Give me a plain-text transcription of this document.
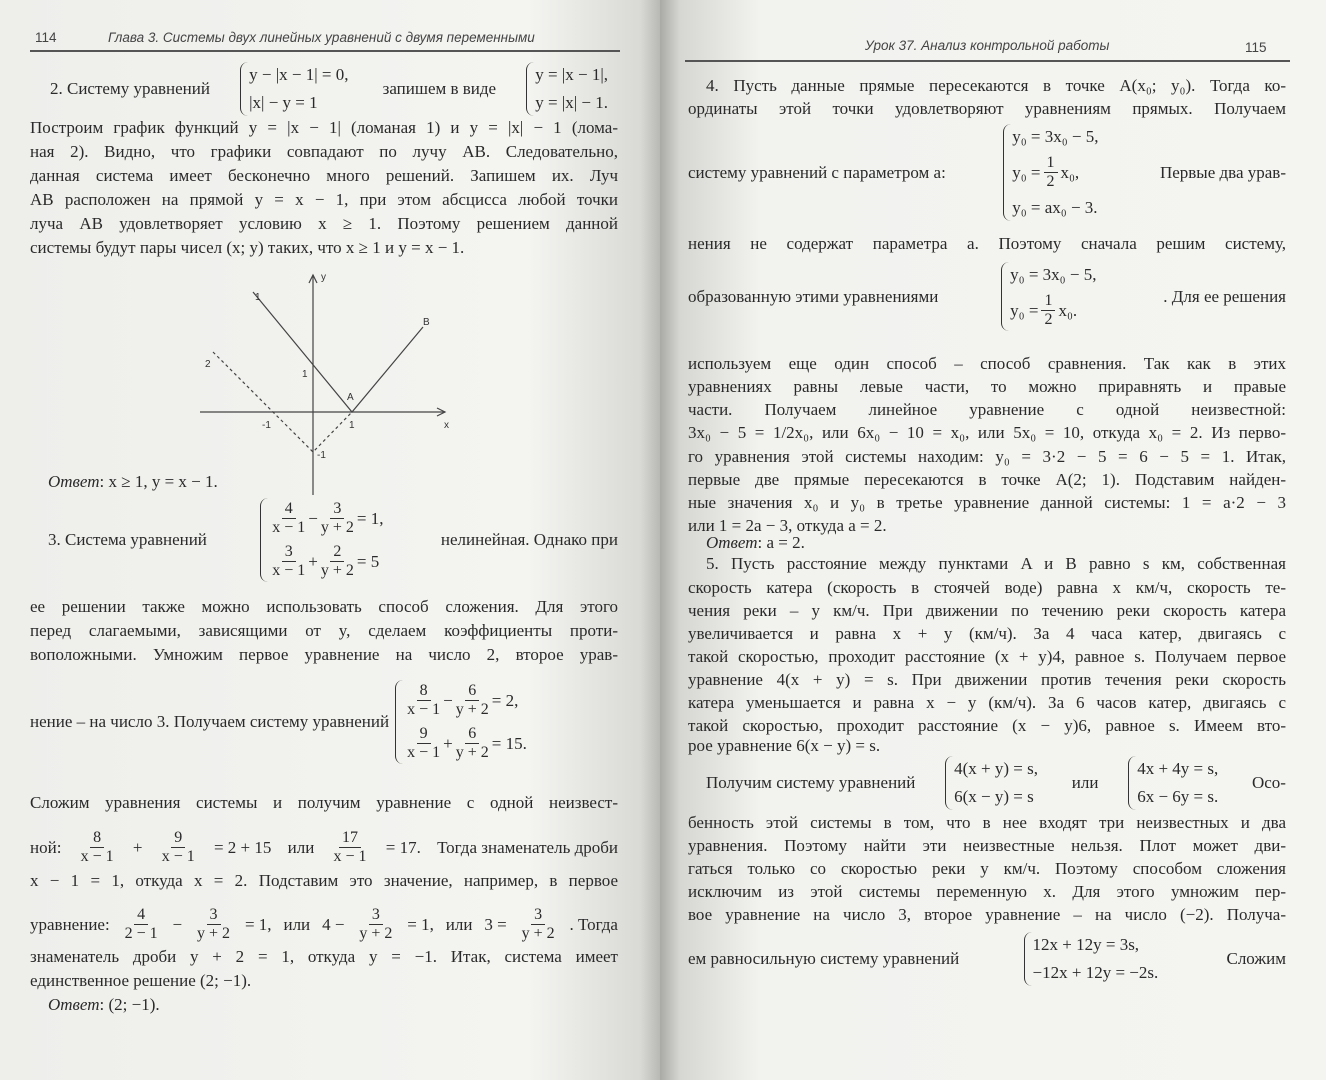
114	Глава 3. Системы двух линейных уравнений с двумя переменными
2. Систему уравнений
y − |x − 1| = 0,
|x| − y = 1
запишем в виде
y = |x − 1|,
y = |x| − 1.
Построим график функций y = |x − 1| (ломаная 1) и y = |x| − 1 (лома-
ная 2). Видно, что графики совпадают по лучу AB. Следовательно,
данная система имеет бесконечно много решений. Запишем их. Луч
AB расположен на прямой y = x − 1, при этом абсцисса любой точки
луча AB удовлетворяет условию x ≥ 1. Поэтому решением данной
системы будут пары чисел (x; y) таких, что x ≥ 1 и y = x − 1.
Ответ : x ≥ 1, y = x − 1.
3. Система уравнений
$\frac{4}{x - 1} - \frac{3}{y + 2} = 1$,
$\frac{3}{x - 1} + \frac{2}{y + 2} = 5$
нелинейная. Однако при
ее решении также можно использовать способ сложения. Для этого
перед слагаемыми, зависящими от y, сделаем коэффициенты проти-
воположными. Умножим первое уравнение на число 2, второе урав-
нение – на число 3. Получаем систему уравнений
$\frac{8}{x - 1} - \frac{6}{y + 2} = 2$,
$\frac{9}{x - 1} + \frac{6}{y + 2} = 15$.
Сложим уравнения системы и получим уравнение с одной неизвест-
ной: $\frac{8}{x - 1} + \frac{9}{x - 1} = 2 + 15$ или $\frac{17}{x - 1} = 17$. Тогда знаменатель дроби
x − 1 = 1, откуда x = 2. Подставим это значение, например, в первое
уравнение: $\frac{4}{2 - 1} - \frac{3}{y + 2} = 1$, или $4 - \frac{3}{y + 2} = 1$, или $3 = \frac{3}{y + 2}$ . Тогда
знаменатель дроби y + 2 = 1, откуда y = −1. Итак, система имеет
единственное решение (2; −1).
Ответ : (2; −1).
y
x
1
2
B
A
1
-1
1
-1
Урок 37. Анализ контрольной работы	115
4. Пусть данные прямые пересекаются в точке A(x₀; y₀). Тогда ко-
ординаты этой точки удовлетворяют уравнениям прямых. Получаем
систему уравнений с параметром a:
y₀ = 3x₀ − 5,
$y_0 = \frac{1}{2} x_0$,
y₀ = ax₀ − 3.
Первые два урав-
нения не содержат параметра a. Поэтому сначала решим систему,
образованную этими уравнениями
y₀ = 3x₀ − 5,
$y_0 = \frac{1}{2} x_0$.
. Для ее решения
используем еще один способ – способ сравнения. Так как в этих
уравнениях равны левые части, то можно приравнять и правые
части. Получаем линейное уравнение с одной неизвестной:
3x₀ − 5 = 1/2x₀, или 6x₀ − 10 = x₀, или 5x₀ = 10, откуда x₀ = 2. Из перво-
го уравнения этой системы находим: y₀ = 3·2 − 5 = 6 − 5 = 1. Итак,
первые две прямые пересекаются в точке A(2; 1). Подставим найден-
ные значения x₀ и y₀ в третье уравнение данной системы: 1 = a·2 − 3
или 1 = 2a − 3, откуда a = 2.
Ответ : a = 2.
5. Пусть расстояние между пунктами A и B равно s км, собственная
скорость катера (скорость в стоячей воде) равна x км/ч, скорость те-
чения реки – y км/ч. При движении по течению реки скорость катера
увеличивается и равна x + y (км/ч). За 4 часа катер, двигаясь с
такой скоростью, проходит расстояние (x + y)4, равное s. Получаем первое
уравнение 4(x + y) = s. При движении против течения реки скорость
катера уменьшается и равна x − y (км/ч). За 6 часов катер, двигаясь с
такой скоростью, проходит расстояние (x − y)6, равное s. Имеем вто-
рое уравнение 6(x − y) = s.
Получим систему уравнений
4(x + y) = s,
6(x − y) = s
или
4x + 4y = s,
6x − 6y = s.
Осо-
бенность этой системы в том, что в нее входят три неизвестных и два
уравнения. Поэтому найти эти неизвестные нельзя. Плот может дви-
гаться только со скоростью реки y км/ч. Поэтому способом сложения
исключим из этой системы переменную x. Для этого умножим пер-
вое уравнение на число 3, второе уравнение – на число (−2). Получа-
ем равносильную систему уравнений
12x + 12y = 3s,
−12x + 12y = −2s.
Сложим
